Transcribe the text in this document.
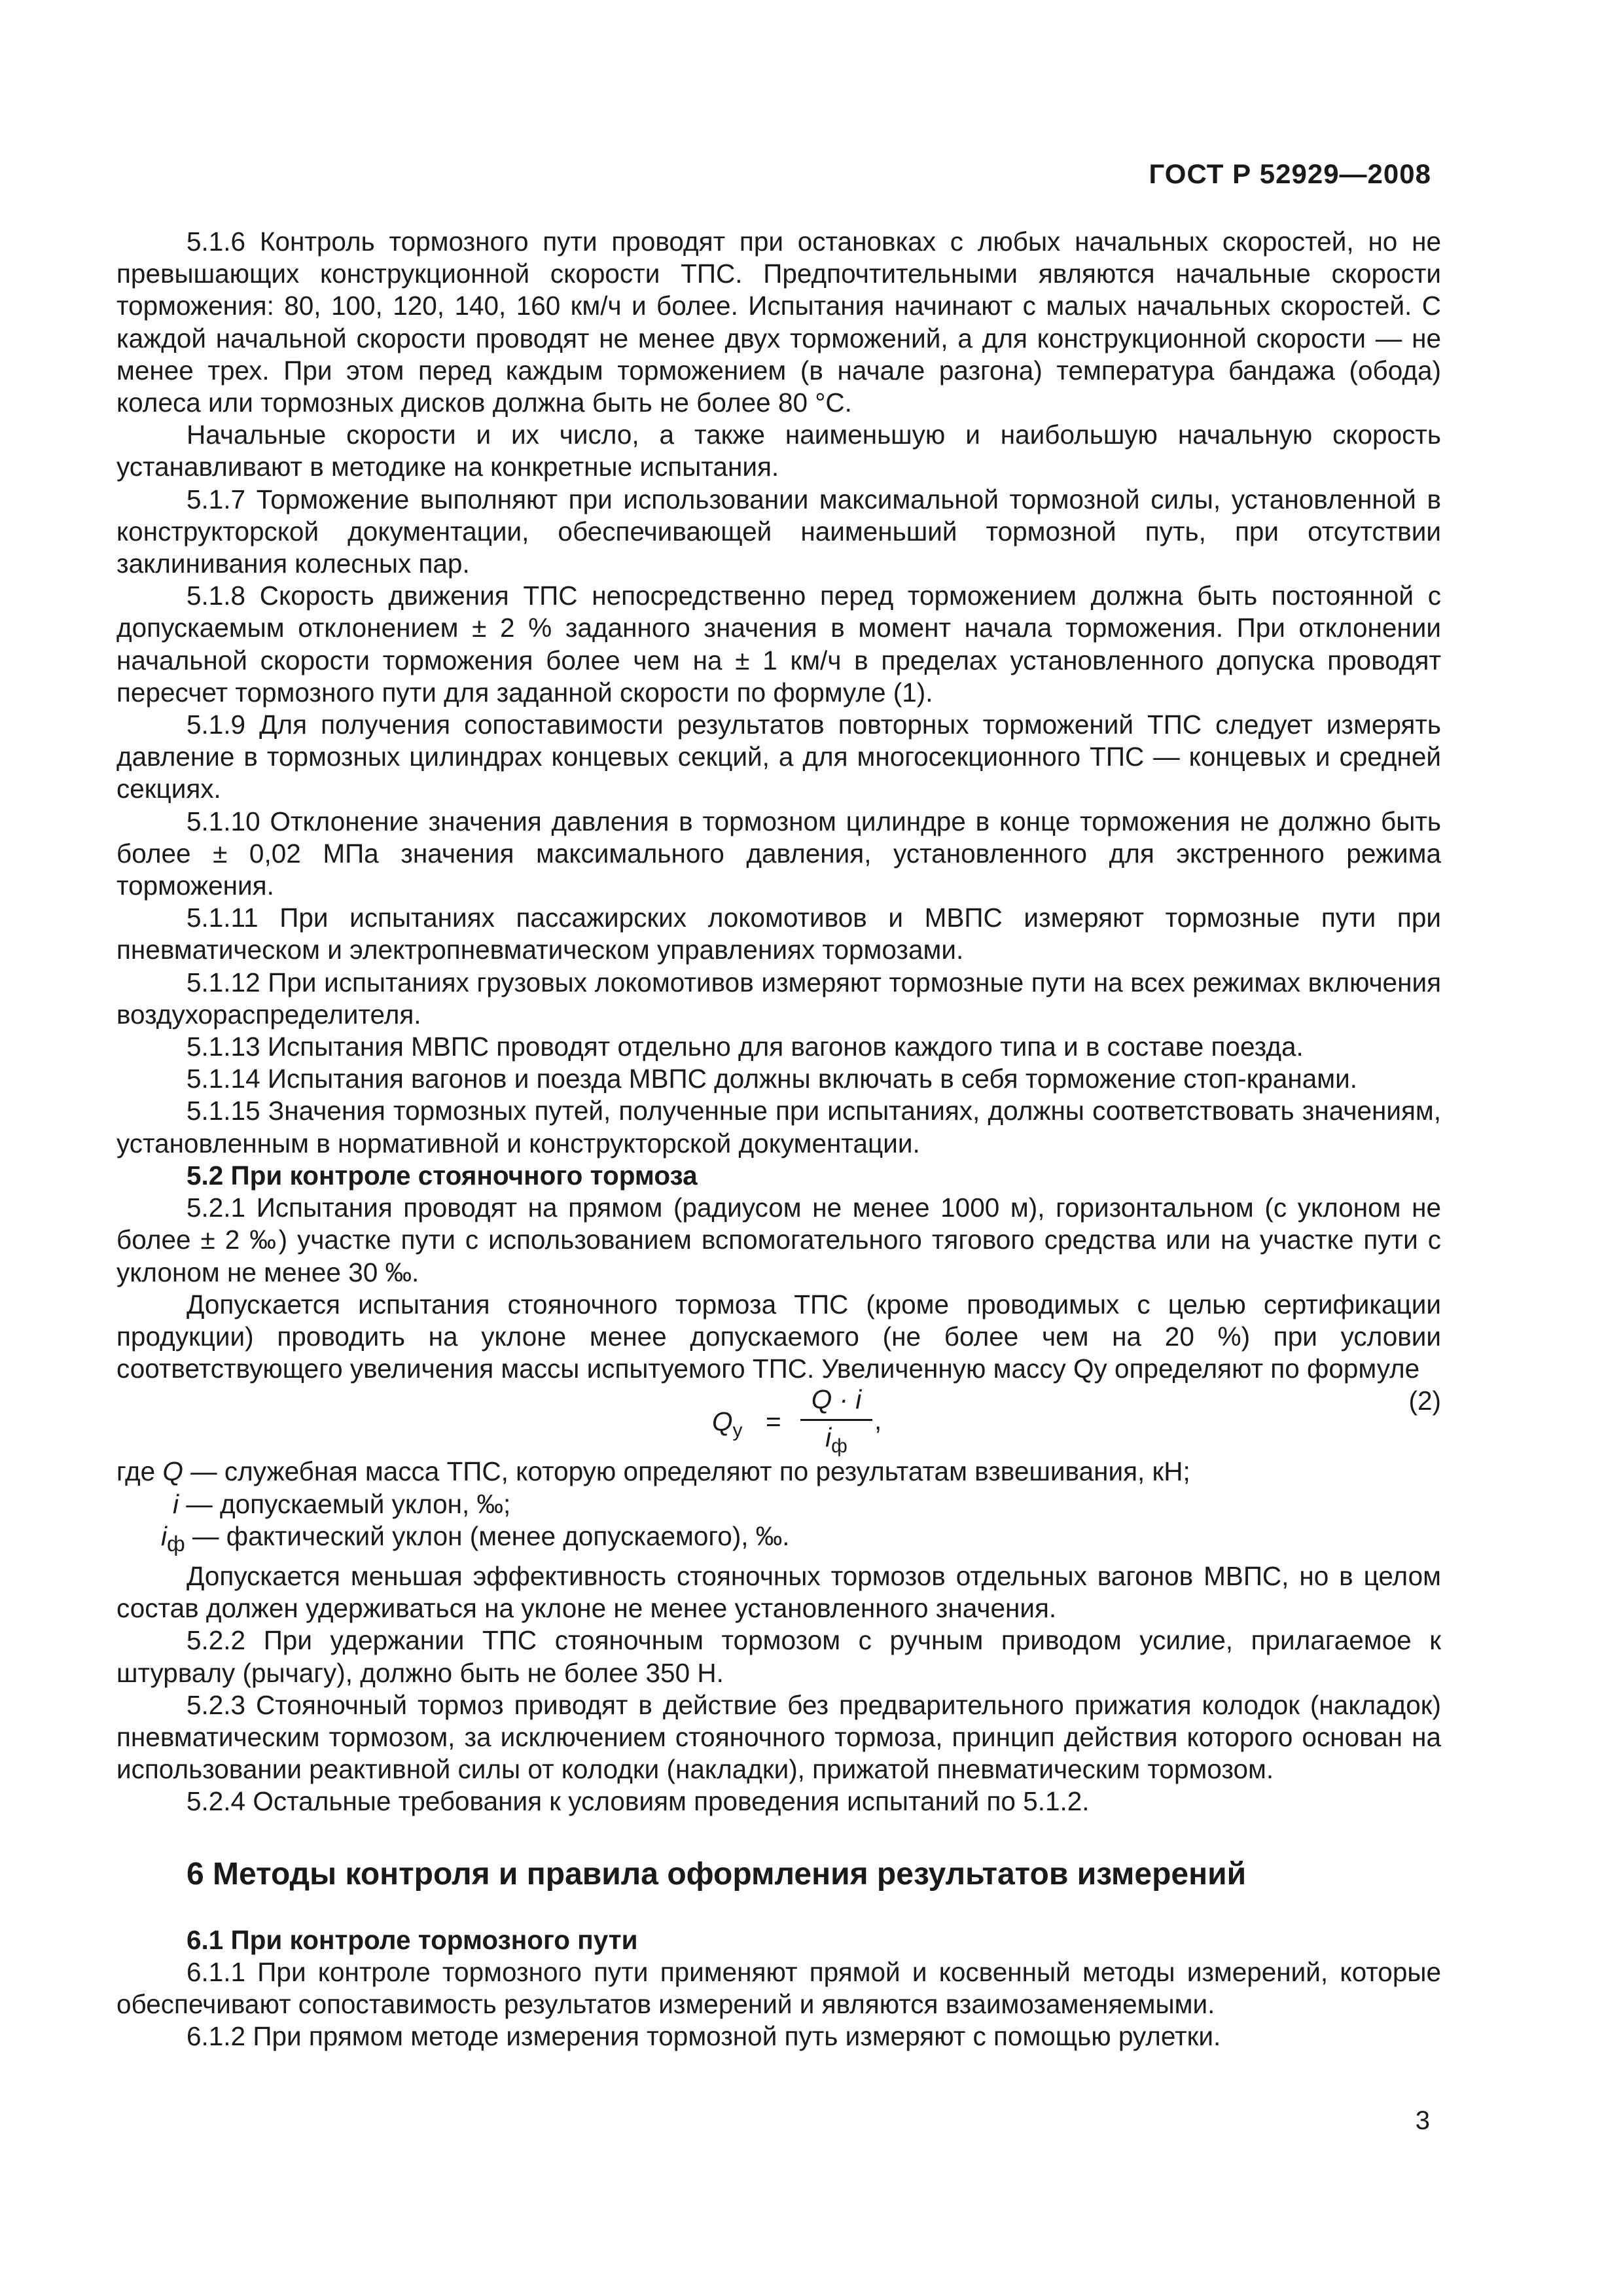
ГОСТ Р 52929—2008

5.1.6 Контроль тормозного пути проводят при остановках с любых начальных скоростей, но не превышающих конструкционной скорости ТПС. Предпочтительными являются начальные скорости торможения: 80, 100, 120, 140, 160 км/ч и более. Испытания начинают с малых начальных скоростей. С каждой начальной скорости проводят не менее двух торможений, а для конструкционной скорости — не менее трех. При этом перед каждым торможением (в начале разгона) температура бандажа (обода) колеса или тормозных дисков должна быть не более 80 °С.

Начальные скорости и их число, а также наименьшую и наибольшую начальную скорость устанавливают в методике на конкретные испытания.

5.1.7 Торможение выполняют при использовании максимальной тормозной силы, установленной в конструкторской документации, обеспечивающей наименьший тормозной путь, при отсутствии заклинивания колесных пар.

5.1.8 Скорость движения ТПС непосредственно перед торможением должна быть постоянной с допускаемым отклонением ± 2 % заданного значения в момент начала торможения. При отклонении начальной скорости торможения более чем на ± 1 км/ч в пределах установленного допуска проводят пересчет тормозного пути для заданной скорости по формуле (1).

5.1.9 Для получения сопоставимости результатов повторных торможений ТПС следует измерять давление в тормозных цилиндрах концевых секций, а для многосекционного ТПС — концевых и средней секциях.

5.1.10 Отклонение значения давления в тормозном цилиндре в конце торможения не должно быть более ± 0,02 МПа значения максимального давления, установленного для экстренного режима торможения.

5.1.11 При испытаниях пассажирских локомотивов и МВПС измеряют тормозные пути при пневматическом и электропневматическом управлениях тормозами.

5.1.12 При испытаниях грузовых локомотивов измеряют тормозные пути на всех режимах включения воздухораспределителя.

5.1.13 Испытания МВПС проводят отдельно для вагонов каждого типа и в составе поезда.

5.1.14 Испытания вагонов и поезда МВПС должны включать в себя торможение стоп-кранами.

5.1.15 Значения тормозных путей, полученные при испытаниях, должны соответствовать значениям, установленным в нормативной и конструкторской документации.

5.2 При контроле стояночного тормоза

5.2.1 Испытания проводят на прямом (радиусом не менее 1000 м), горизонтальном (с уклоном не более ± 2 ‰) участке пути с использованием вспомогательного тягового средства или на участке пути с уклоном не менее 30 ‰.

Допускается испытания стояночного тормоза ТПС (кроме проводимых с целью сертификации продукции) проводить на уклоне менее допускаемого (не более чем на 20 %) при условии соответствующего увеличения массы испытуемого ТПС. Увеличенную массу Qу определяют по формуле

$Q_у$ =
Q · i
$i_ф$
,
(2)
где Q — служебная масса ТПС, которую определяют по результатам взвешивания, кН;
i — допускаемый уклон, ‰;
$i_ф$ — фактический уклон (менее допускаемого), ‰.

Допускается меньшая эффективность стояночных тормозов отдельных вагонов МВПС, но в целом состав должен удерживаться на уклоне не менее установленного значения.

5.2.2 При удержании ТПС стояночным тормозом с ручным приводом усилие, прилагаемое к штурвалу (рычагу), должно быть не более 350 Н.

5.2.3 Стояночный тормоз приводят в действие без предварительного прижатия колодок (накладок) пневматическим тормозом, за исключением стояночного тормоза, принцип действия которого основан на использовании реактивной силы от колодки (накладки), прижатой пневматическим тормозом.

5.2.4 Остальные требования к условиям проведения испытаний по 5.1.2.

6 Методы контроля и правила оформления результатов измерений

6.1 При контроле тормозного пути

6.1.1 При контроле тормозного пути применяют прямой и косвенный методы измерений, которые обеспечивают сопоставимость результатов измерений и являются взаимозаменяемыми.

6.1.2 При прямом методе измерения тормозной путь измеряют с помощью рулетки.

3
